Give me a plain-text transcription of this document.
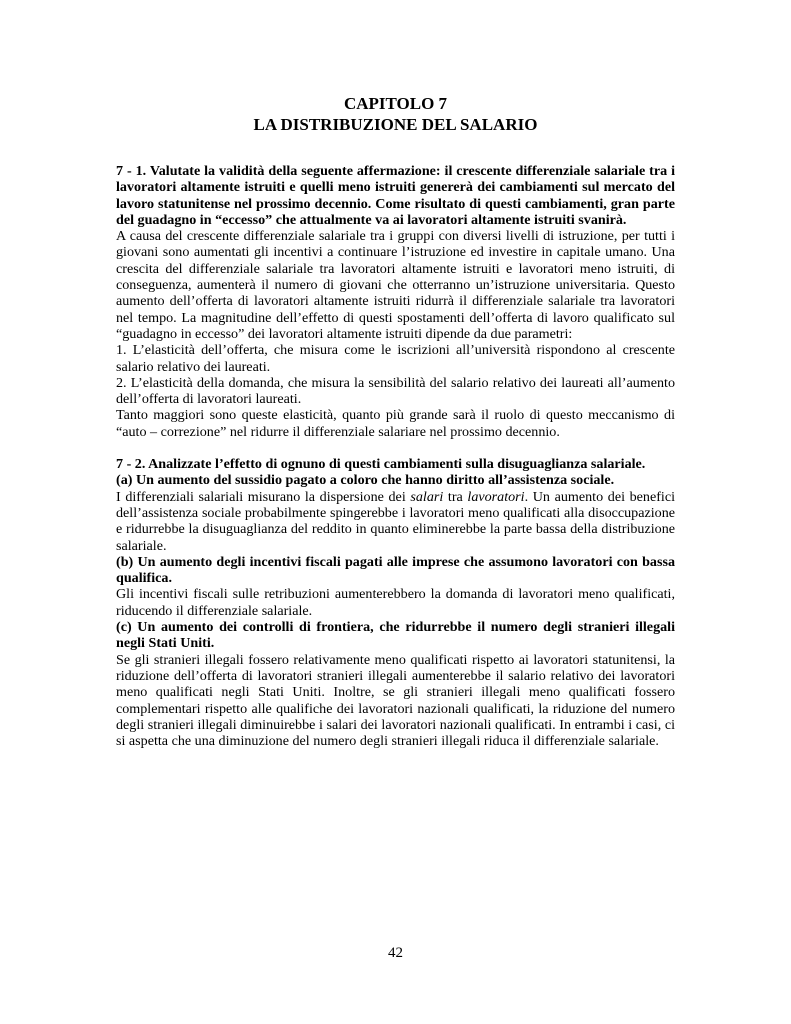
CAPITOLO 7
LA DISTRIBUZIONE DEL SALARIO

7 - 1. Valutate la validità della seguente affermazione: il crescente differenziale salariale tra i lavoratori altamente istruiti e quelli meno istruiti genererà dei cambiamenti sul mercato del lavoro statunitense nel prossimo decennio. Come risultato di questi cambiamenti, gran parte del guadagno in “eccesso” che attualmente va ai lavoratori altamente istruiti svanirà.

A causa del crescente differenziale salariale tra i gruppi con diversi livelli di istruzione, per tutti i giovani sono aumentati gli incentivi a continuare l’istruzione ed investire in capitale umano. Una crescita del differenziale salariale tra lavoratori altamente istruiti e lavoratori meno istruiti, di conseguenza, aumenterà il numero di giovani che otterranno un’istruzione universitaria. Questo aumento dell’offerta di lavoratori altamente istruiti ridurrà il differenziale salariale tra lavoratori nel tempo. La magnitudine dell’effetto di questi spostamenti dell’offerta di lavoro qualificato sul “guadagno in eccesso” dei lavoratori altamente istruiti dipende da due parametri:

1. L’elasticità dell’offerta, che misura come le iscrizioni all’università rispondono al crescente salario relativo dei laureati.

2. L’elasticità della domanda, che misura la sensibilità del salario relativo dei laureati all’aumento dell’offerta di lavoratori laureati.

Tanto maggiori sono queste elasticità, quanto più grande sarà il ruolo di questo meccanismo di “auto – correzione” nel ridurre il differenziale salariare nel prossimo decennio.

7 - 2. Analizzate l’effetto di ognuno di questi cambiamenti sulla disuguaglianza salariale.

(a) Un aumento del sussidio pagato a coloro che hanno diritto all’assistenza sociale.

I differenziali salariali misurano la dispersione dei salari tra lavoratori. Un aumento dei benefici dell’assistenza sociale probabilmente spingerebbe i lavoratori meno qualificati alla disoccupazione e ridurrebbe la disuguaglianza del reddito in quanto eliminerebbe la parte bassa della distribuzione salariale.

(b) Un aumento degli incentivi fiscali pagati alle imprese che assumono lavoratori con bassa qualifica.

Gli incentivi fiscali sulle retribuzioni aumenterebbero la domanda di lavoratori meno qualificati, riducendo il differenziale salariale.

(c) Un aumento dei controlli di frontiera, che ridurrebbe il numero degli stranieri illegali negli Stati Uniti.

Se gli stranieri illegali fossero relativamente meno qualificati rispetto ai lavoratori statunitensi, la riduzione dell’offerta di lavoratori stranieri illegali aumenterebbe il salario relativo dei lavoratori meno qualificati negli Stati Uniti. Inoltre, se gli stranieri illegali meno qualificati fossero complementari rispetto alle qualifiche dei lavoratori nazionali qualificati, la riduzione del numero degli stranieri illegali diminuirebbe i salari dei lavoratori nazionali qualificati. In entrambi i casi, ci si aspetta che una diminuzione del numero degli stranieri illegali riduca il differenziale salariale.

42
